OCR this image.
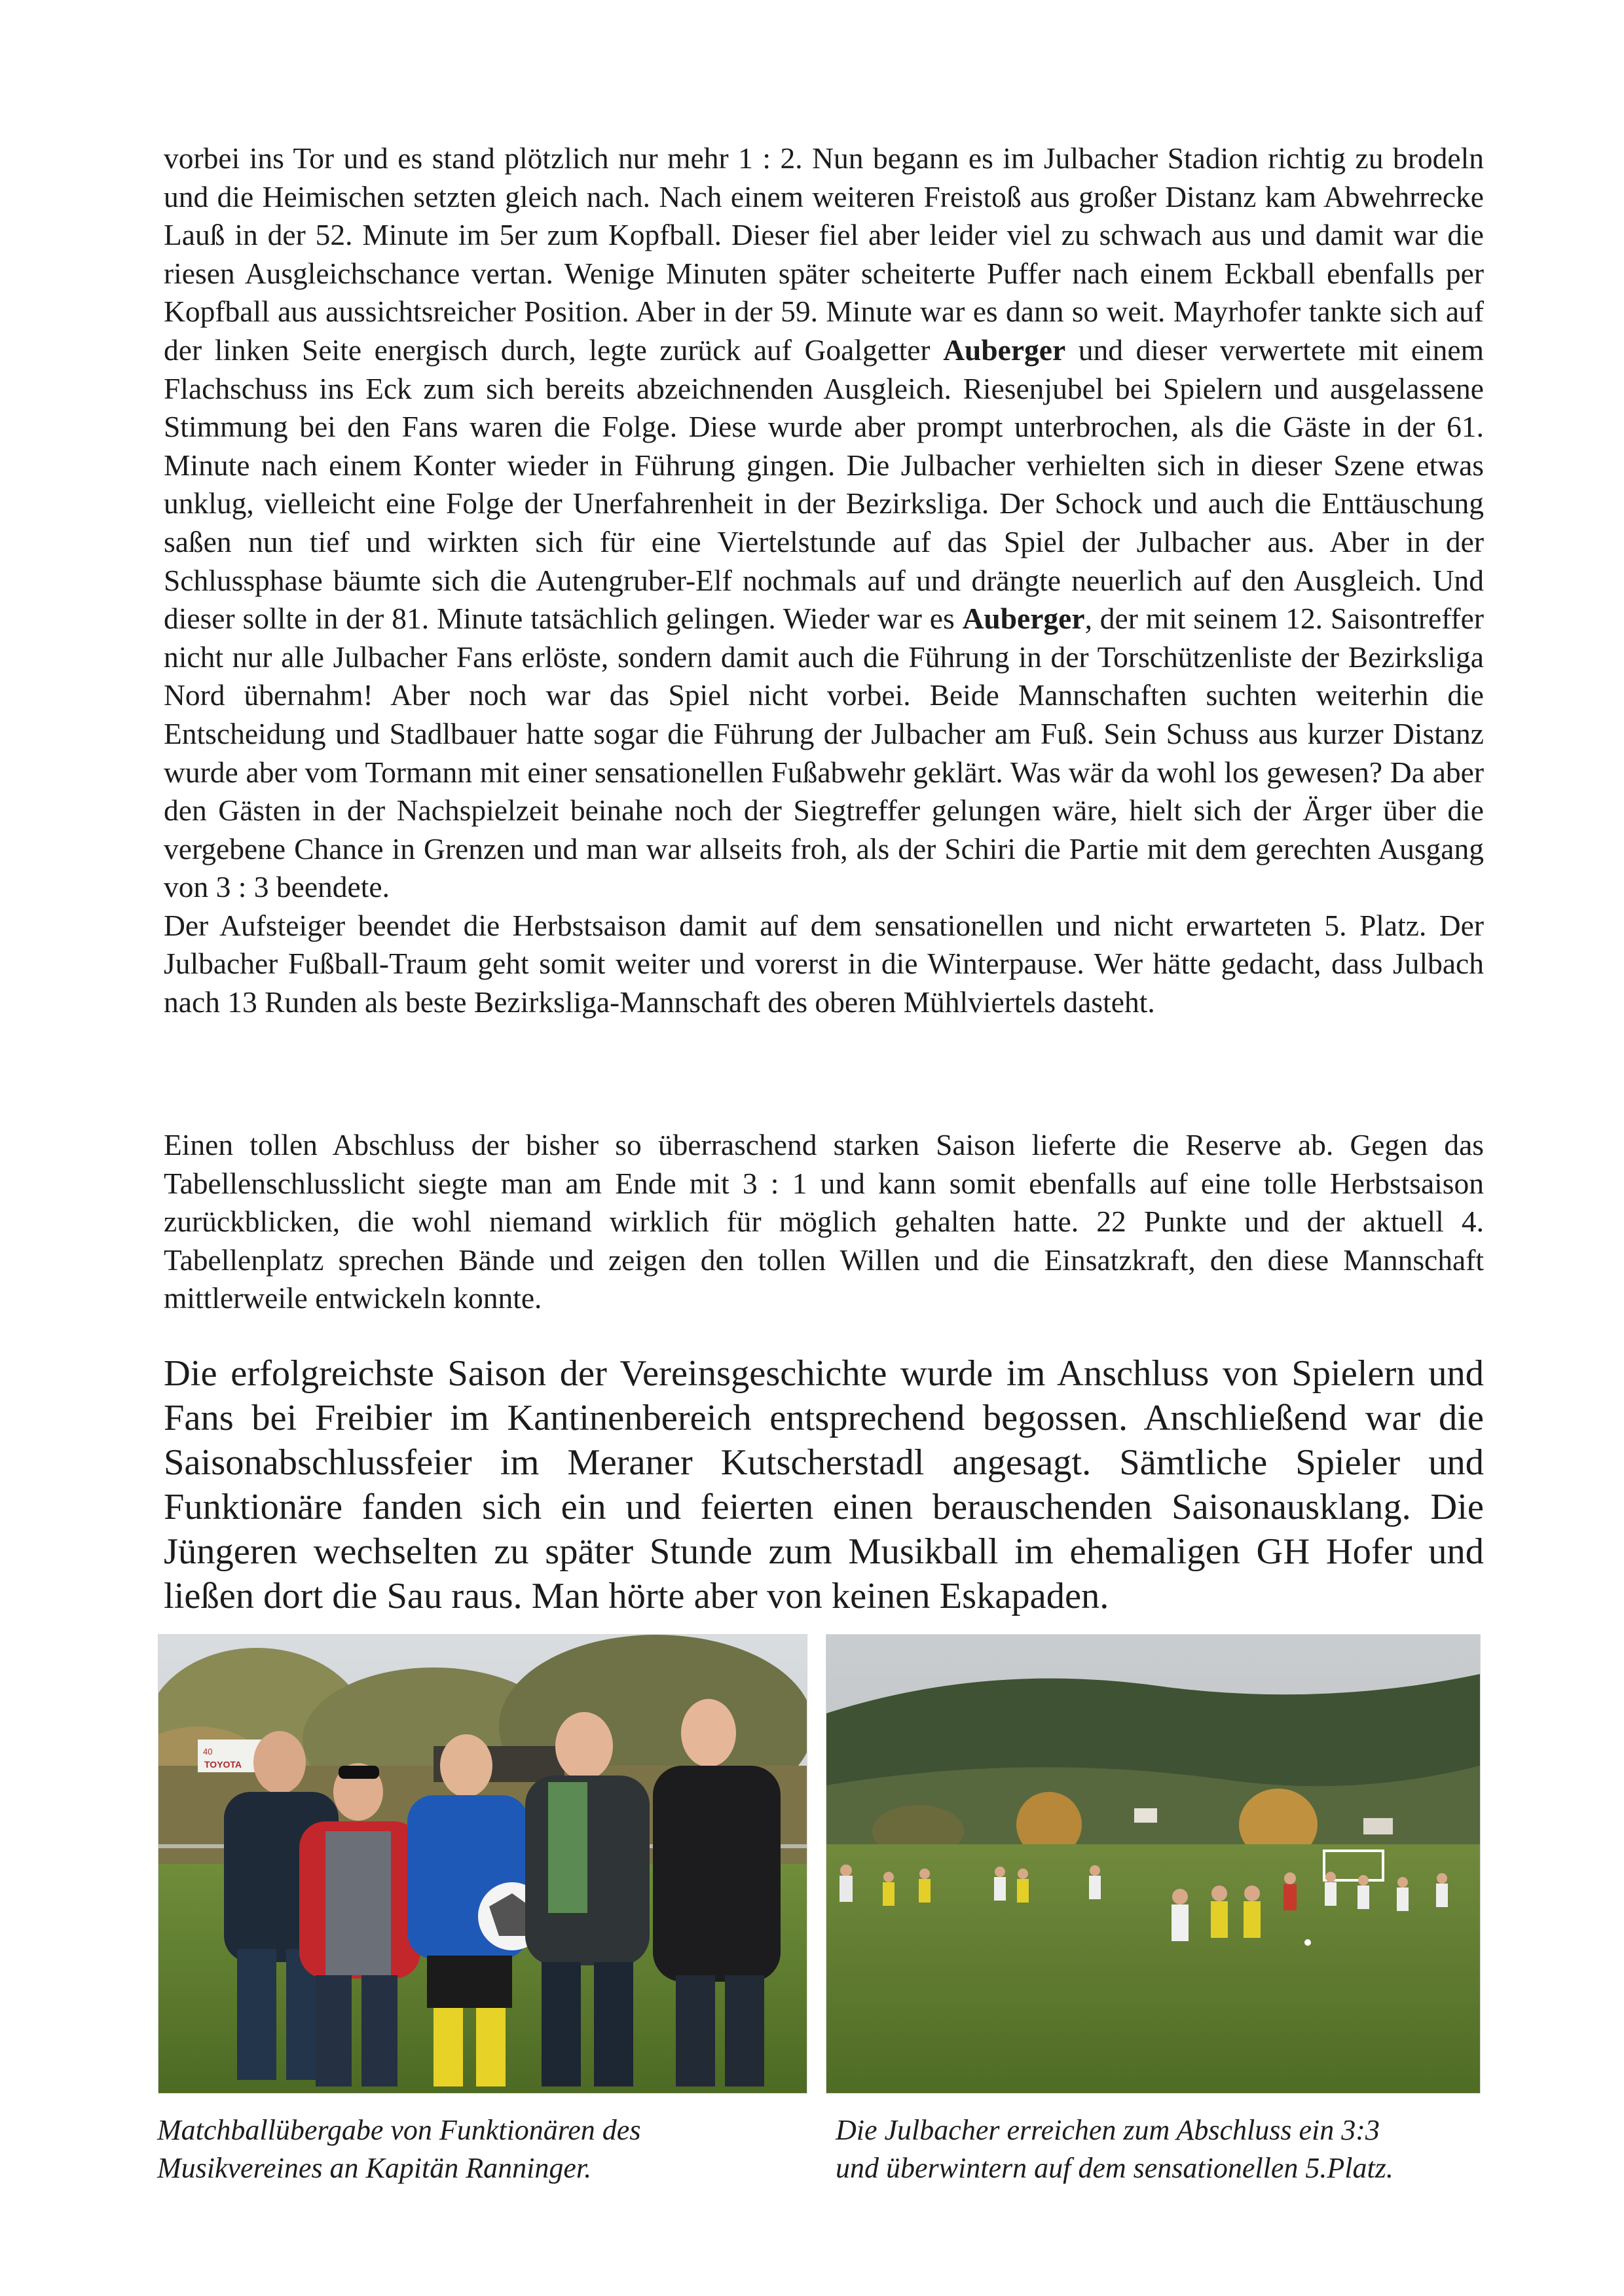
vorbei ins Tor und es stand plötzlich nur mehr 1 : 2. Nun begann es im Julbacher Stadion richtig zu brodeln und die Heimischen setzten gleich nach. Nach einem weiteren Freistoß aus großer Distanz kam Abwehrrecke Lauß in der 52. Minute im 5er zum Kopfball. Dieser fiel aber leider viel zu schwach aus und damit war die riesen Ausgleichschance vertan. Wenige Minuten später scheiterte Puffer nach einem Eckball ebenfalls per Kopfball aus aussichtsreicher Position. Aber in der 59. Minute war es dann so weit. Mayrhofer tankte sich auf der linken Seite energisch durch, legte zurück auf Goalgetter Auberger und dieser verwertete mit einem Flachschuss ins Eck zum sich bereits abzeichnenden Ausgleich. Riesenjubel bei Spielern und ausgelassene Stimmung bei den Fans waren die Folge. Diese wurde aber prompt unterbrochen, als die Gäste in der 61. Minute nach einem Konter wieder in Führung gingen. Die Julbacher verhielten sich in dieser Szene etwas unklug, vielleicht eine Folge der Unerfahrenheit in der Bezirksliga. Der Schock und auch die Enttäuschung saßen nun tief und wirkten sich für eine Viertelstunde auf das Spiel der Julbacher aus. Aber in der Schlussphase bäumte sich die Autengruber-Elf nochmals auf und drängte neuerlich auf den Ausgleich. Und dieser sollte in der 81. Minute tatsächlich gelingen. Wieder war es Auberger, der mit seinem 12. Saisontreffer nicht nur alle Julbacher Fans erlöste, sondern damit auch die Führung in der Torschützenliste der Bezirksliga Nord übernahm! Aber noch war das Spiel nicht vorbei. Beide Mannschaften suchten weiterhin die Entscheidung und Stadlbauer hatte sogar die Führung der Julbacher am Fuß. Sein Schuss aus kurzer Distanz wurde aber vom Tormann mit einer sensationellen Fußabwehr geklärt. Was wär da wohl los gewesen? Da aber den Gästen in der Nachspielzeit beinahe noch der Siegtreffer gelungen wäre, hielt sich der Ärger über die vergebene Chance in Grenzen und man war allseits froh, als der Schiri die Partie mit dem gerechten Ausgang von 3 : 3 beendete.

Der Aufsteiger beendet die Herbstsaison damit auf dem sensationellen und nicht erwarteten 5. Platz. Der Julbacher Fußball-Traum geht somit weiter und vorerst in die Winterpause. Wer hätte gedacht, dass Julbach nach 13 Runden als beste Bezirksliga-Mannschaft des oberen Mühlviertels dasteht.

Einen tollen Abschluss der bisher so überraschend starken Saison lieferte die Reserve ab. Gegen das Tabellenschlusslicht siegte man am Ende mit 3 : 1 und kann somit ebenfalls auf eine tolle Herbstsaison zurückblicken, die wohl niemand wirklich für möglich gehalten hatte. 22 Punkte und der aktuell 4. Tabellenplatz sprechen Bände und zeigen den tollen Willen und die Einsatzkraft, den diese Mannschaft mittlerweile entwickeln konnte.

Die erfolgreichste Saison der Vereinsgeschichte wurde im Anschluss von Spielern und Fans bei Freibier im Kantinenbereich entsprechend begossen. Anschließend war die Saisonabschlussfeier im Meraner Kutscherstadl angesagt. Sämtliche Spieler und Funktionäre fanden sich ein und feierten einen berauschenden Saisonausklang. Die Jüngeren wechselten zu später Stunde zum Musikball im ehemaligen GH Hofer und ließen dort die Sau raus. Man hörte aber von keinen Eskapaden.

40
TOYOTA
Matchballübergabe von Funktionären des
Musikvereines an Kapitän Ranninger.
Die Julbacher erreichen zum Abschluss ein 3:3
und überwintern auf dem sensationellen 5.Platz.
